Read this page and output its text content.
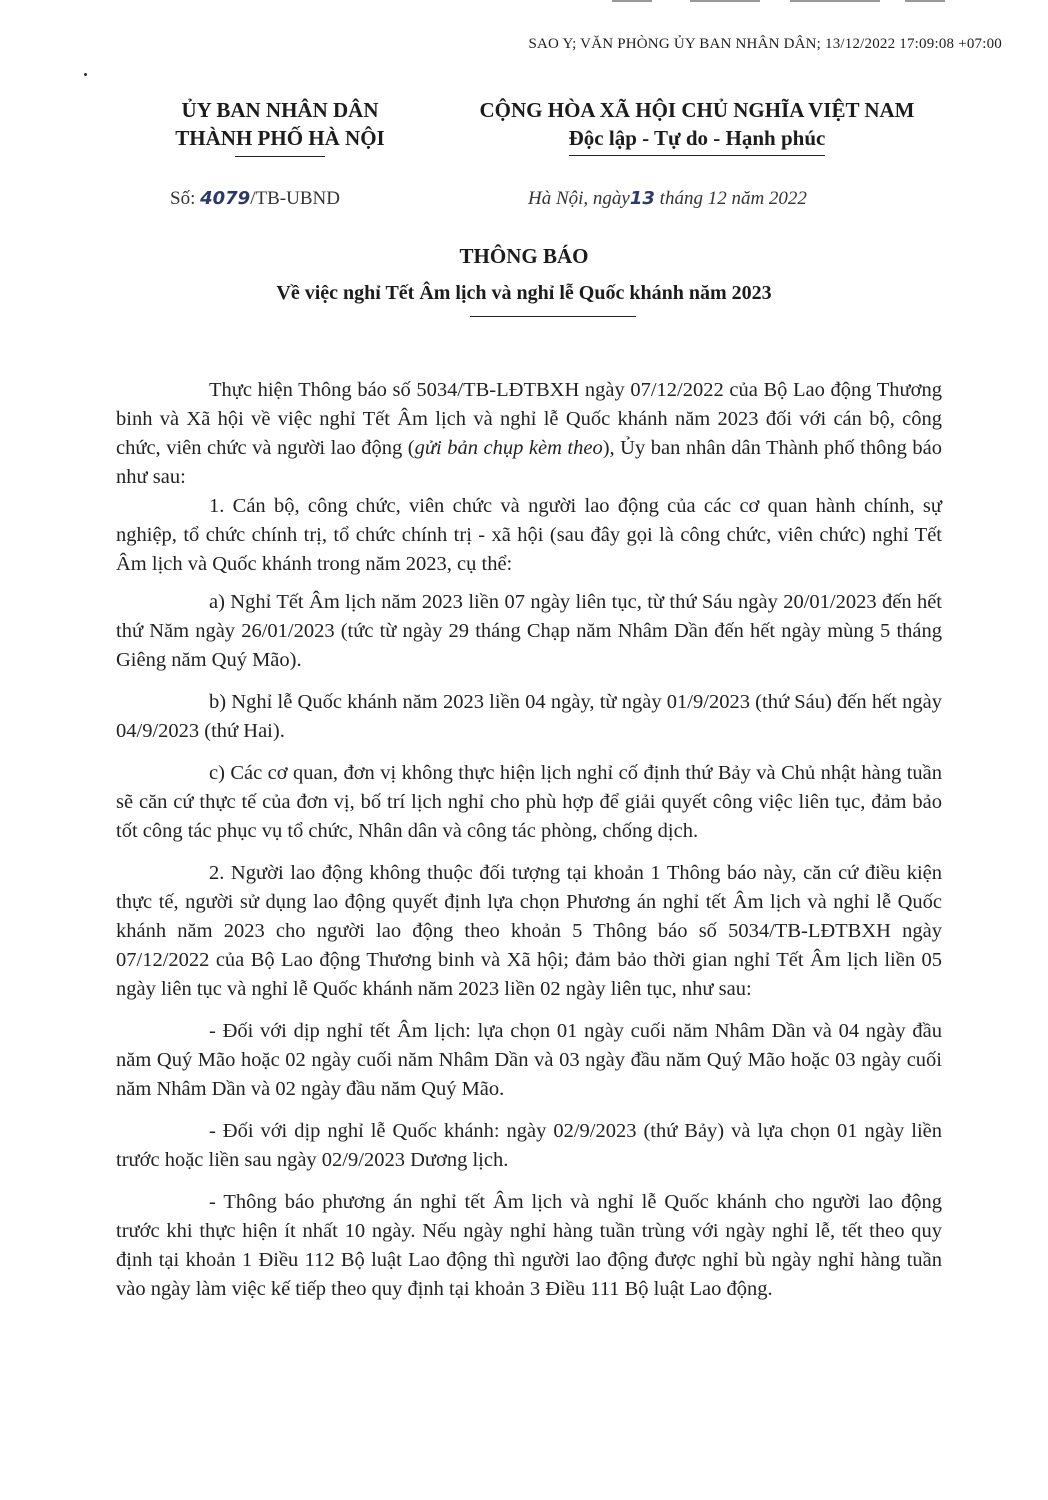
SAO Y; VĂN PHÒNG ỦY BAN NHÂN DÂN; 13/12/2022 17:09:08 +07:00
ỦY BAN NHÂN DÂN
THÀNH PHỐ HÀ NỘI
CỘNG HÒA XÃ HỘI CHỦ NGHĨA VIỆT NAM
Độc lập - Tự do - Hạnh phúc
Số: 4079/TB-UBND	Hà Nội, ngày13 tháng 12 năm 2022
THÔNG BÁO
Về việc nghỉ Tết Âm lịch và nghỉ lễ Quốc khánh năm 2023

Thực hiện Thông báo số 5034/TB-LĐTBXH ngày 07/12/2022 của Bộ Lao động Thương binh và Xã hội về việc nghỉ Tết Âm lịch và nghỉ lễ Quốc khánh năm 2023 đối với cán bộ, công chức, viên chức và người lao động (gửi bản chụp kèm theo), Ủy ban nhân dân Thành phố thông báo như sau:

1. Cán bộ, công chức, viên chức và người lao động của các cơ quan hành chính, sự nghiệp, tổ chức chính trị, tổ chức chính trị - xã hội (sau đây gọi là công chức, viên chức) nghỉ Tết Âm lịch và Quốc khánh trong năm 2023, cụ thể:

a) Nghỉ Tết Âm lịch năm 2023 liền 07 ngày liên tục, từ thứ Sáu ngày 20/01/2023 đến hết thứ Năm ngày 26/01/2023 (tức từ ngày 29 tháng Chạp năm Nhâm Dần đến hết ngày mùng 5 tháng Giêng năm Quý Mão).

b) Nghỉ lễ Quốc khánh năm 2023 liền 04 ngày, từ ngày 01/9/2023 (thứ Sáu) đến hết ngày 04/9/2023 (thứ Hai).

c) Các cơ quan, đơn vị không thực hiện lịch nghỉ cố định thứ Bảy và Chủ nhật hàng tuần sẽ căn cứ thực tế của đơn vị, bố trí lịch nghỉ cho phù hợp để giải quyết công việc liên tục, đảm bảo tốt công tác phục vụ tổ chức, Nhân dân và công tác phòng, chống dịch.

2. Người lao động không thuộc đối tượng tại khoản 1 Thông báo này, căn cứ điều kiện thực tế, người sử dụng lao động quyết định lựa chọn Phương án nghỉ tết Âm lịch và nghỉ lễ Quốc khánh năm 2023 cho người lao động theo khoản 5 Thông báo số 5034/TB-LĐTBXH ngày 07/12/2022 của Bộ Lao động Thương binh và Xã hội; đảm bảo thời gian nghỉ Tết Âm lịch liền 05 ngày liên tục và nghỉ lễ Quốc khánh năm 2023 liền 02 ngày liên tục, như sau:

- Đối với dịp nghỉ tết Âm lịch: lựa chọn 01 ngày cuối năm Nhâm Dần và 04 ngày đầu năm Quý Mão hoặc 02 ngày cuối năm Nhâm Dần và 03 ngày đầu năm Quý Mão hoặc 03 ngày cuối năm Nhâm Dần và 02 ngày đầu năm Quý Mão.

- Đối với dịp nghỉ lễ Quốc khánh: ngày 02/9/2023 (thứ Bảy) và lựa chọn 01 ngày liền trước hoặc liền sau ngày 02/9/2023 Dương lịch.

- Thông báo phương án nghỉ tết Âm lịch và nghỉ lễ Quốc khánh cho người lao động trước khi thực hiện ít nhất 10 ngày. Nếu ngày nghỉ hàng tuần trùng với ngày nghỉ lễ, tết theo quy định tại khoản 1 Điều 112 Bộ luật Lao động thì người lao động được nghỉ bù ngày nghỉ hàng tuần vào ngày làm việc kế tiếp theo quy định tại khoản 3 Điều 111 Bộ luật Lao động.
